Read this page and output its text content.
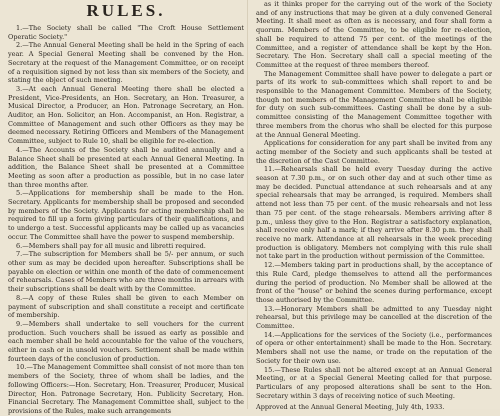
RULES.

1.—The Society shall be called "The Croft House Settlement Operatic Society."

2.—The Annual General Meeting shall be held in the Spring of each year. A Special General Meeting shall be convened by the Hon. Secretary at the request of the Management Committee, or on receipt of a requisition signed by not less than six members of the Society, and stating the object of such meeting.

3.—At each Annual General Meeting there shall be elected a President, Vice-Presidents, an Hon. Secretary, an Hon. Treasurer, a Musical Director, a Producer, an Hon. Patronage Secretary, an Hon. Auditor, an Hon. Solicitor, an Hon. Accompanist, an Hon. Registrar, a Committee of Management and such other Officers as they may be deemed necessary. Retiring Officers and Members of the Management Committee, subject to Rule 10, shall be eligible for re-election.

4.—The Accounts of the Society shall be audited annually and a Balance Sheet shall be presented at each Annual General Meeting. In addition, the Balance Sheet shall be presented at a Committee Meeting as soon after a production as possible, but in no case later than three months after.

5.—Applications for membership shall be made to the Hon. Secretary. Applicants for membership shall be proposed and seconded by members of the Society. Applicants for acting membership shall be required to fill up a form giving particulars of their qualifications, and to undergo a test. Successful applicants may be called up as vacancies occur. The Committee shall have the power to suspend membership.

6.—Members shall pay for all music and libretti required.

7.—The subscription for Members shall be 5/- per annum, or such other sum as may be decided upon hereafter. Subscriptions shall be payable on election or within one month of the date of commencement of rehearsals. Cases of Members who are three months in arrears with their subscriptions shall be dealt with by the Committee.

8.—A copy of these Rules shall be given to each Member on payment of subscription and shall constitute a receipt and certificate of membership.

9.—Members shall undertake to sell vouchers for the current production. Such vouchers shall be issued as early as possible and each member shall be held accountable for the value of the vouchers, either in cash or in unsold vouchers. Settlement shall be made within fourteen days of the conclusion of production.

10.—The Management Committee shall consist of not more than ten members of the Society, three of whom shall be ladies, and the following Officers:—Hon. Secretary, Hon. Treasurer, Producer, Musical Director, Hon. Patronage Secretary, Hon. Publicity Secretary, Hon. Financial Secretary. The Management Committee shall, subject to the provisions of the Rules, make such arrangements

as it thinks proper for the carrying out of the work of the Society and of any instructions that may be given at a duly convened General Meeting. It shall meet as often as is necessary, and four shall form a quorum. Members of the Committee, to be eligible for re-election, shall be required to attend 75 per cent. of the meetings of the Committee, and a register of attendance shall be kept by the Hon. Secretary. The Hon. Secretary shall call a special meeting of the Committee at the request of three members thereof.

The Management Committee shall have power to delegate a part or parts of its work to sub-committees which shall report to and be responsible to the Management Committee. Members of the Society, though not members of the Management Committee shall be eligible for duty on such sub-committees. Casting shall be done by a sub-committee consisting of the Management Committee together with three members from the chorus who shall be elected for this purpose at the Annual General Meeting.

Applications for consideration for any part shall be invited from any acting member of the Society and such applicants shall be tested at the discretion of the Cast Committee.

11.—Rehearsals shall be held every Tuesday during the active season at 7.30 p.m., or on such other day and at such other time as may be decided. Punctual attendance at such rehearsals and at any special rehearsals that may be arranged, is required. Members shall attend not less than 75 per cent. of the music rehearsals and not less than 75 per cent. of the stage rehearsals. Members arriving after 8 p.m., unless they give to the Hon. Registrar a satisfactory explanation, shall receive only half a mark; if they arrive after 8.30 p.m. they shall receive no mark. Attendance at all rehearsals in the week preceding production is obligatory. Members not complying with this rule shall not take part in the production without permission of the Committee.

12.—Members taking part in productions shall, by the acceptance of this Rule Card, pledge themselves to attend all the performances during the period of production. No Member shall be allowed at the front of the "house" or behind the scenes during performance, except those authorised by the Committee.

13.—Honorary Members shall be admitted to any Tuesday night rehearsal, but this privilege may be cancelled at the discretion of the Committee.

14.—Applications for the services of the Society (i.e., performances of opera or other entertainment) shall be made to the Hon. Secretary. Members shall not use the name, or trade on the reputation of the Society for their own use.

15.—These Rules shall not be altered except at an Annual General Meeting, or at a Special General Meeting called for that purpose. Particulars of any proposed alterations shall be sent to the Hon. Secretary within 3 days of receiving notice of such Meeting.

Approved at the Annual General Meeting, July 4th, 1933.
